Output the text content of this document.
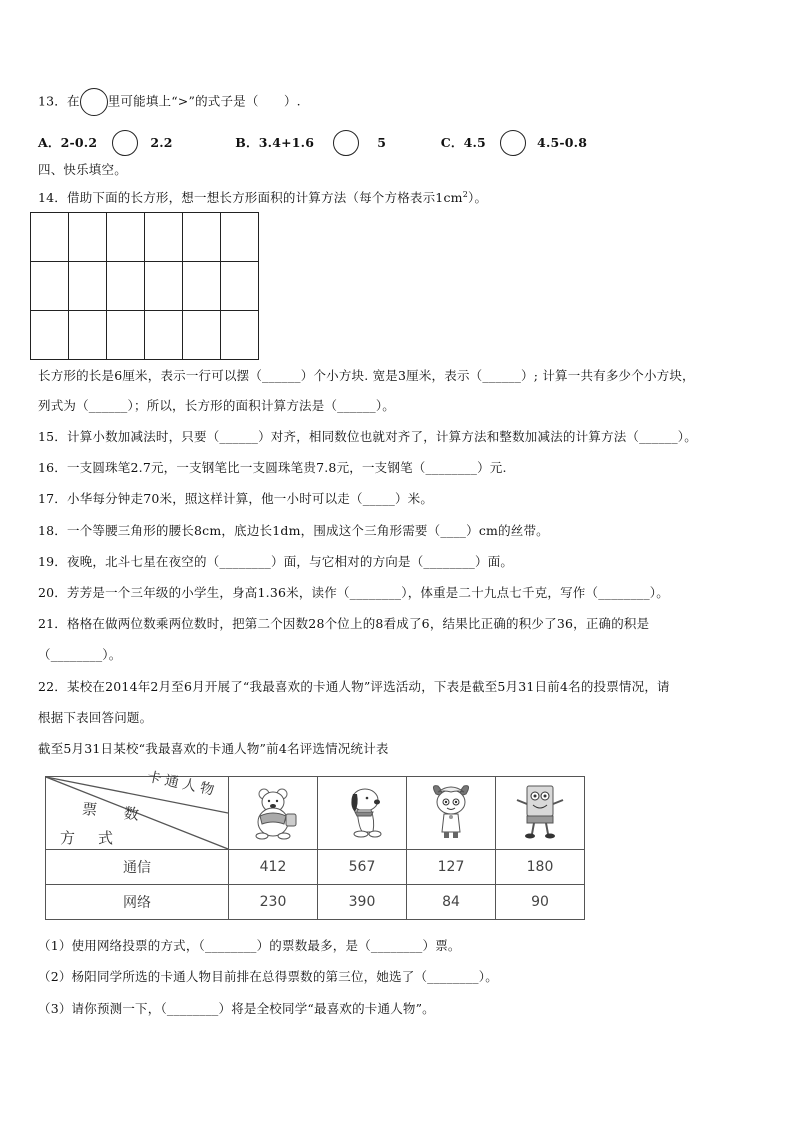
13．在 里可能填上“>”的式子是（　　）.
A．2-0.2	2.2	B．3.4+1.6	5	C．4.5	4.5-0.8
四、快乐填空。
14．借助下面的长方形，想一想长方形面积的计算方法（每个方格表示$1cm^2$）。

长方形的长是6厘米，表示一行可以摆（______）个小方块. 宽是3厘米，表示（______）; 计算一共有多少个小方块，
列式为（______）；所以，长方形的面积计算方法是（______）。
15．计算小数加减法时，只要（______）对齐，相同数位也就对齐了，计算方法和整数加减法的计算方法（______）。
16．一支圆珠笔2.7元，一支钢笔比一支圆珠笔贵7.8元，一支钢笔（________）元.
17．小华每分钟走70米，照这样计算，他一小时可以走（_____）米。
18．一个等腰三角形的腰长8cm，底边长1dm，围成这个三角形需要（____）cm的丝带。
19．夜晚，北斗七星在夜空的（________）面，与它相对的方向是（________）面。
20．芳芳是一个三年级的小学生，身高1.36米，读作（________），体重是二十九点七千克，写作（________）。
21．格格在做两位数乘两位数时，把第二个因数28个位上的8看成了6，结果比正确的积少了36，正确的积是
（________）。
22．某校在2014年2月至6月开展了“我最喜欢的卡通人物”评选活动，下表是截至5月31日前4名的投票情况，请
根据下表回答问题。
截至5月31日某校“我最喜欢的卡通人物”前4名评选情况统计表
卡通人物
票　数
方　式

通信	412	567	127	180
网络	230	390	84	90
（1）使用网络投票的方式，（________）的票数最多，是（________）票。
（2）杨阳同学所选的卡通人物目前排在总得票数的第三位，她选了（________）。
（3）请你预测一下，（________）将是全校同学“最喜欢的卡通人物”。
